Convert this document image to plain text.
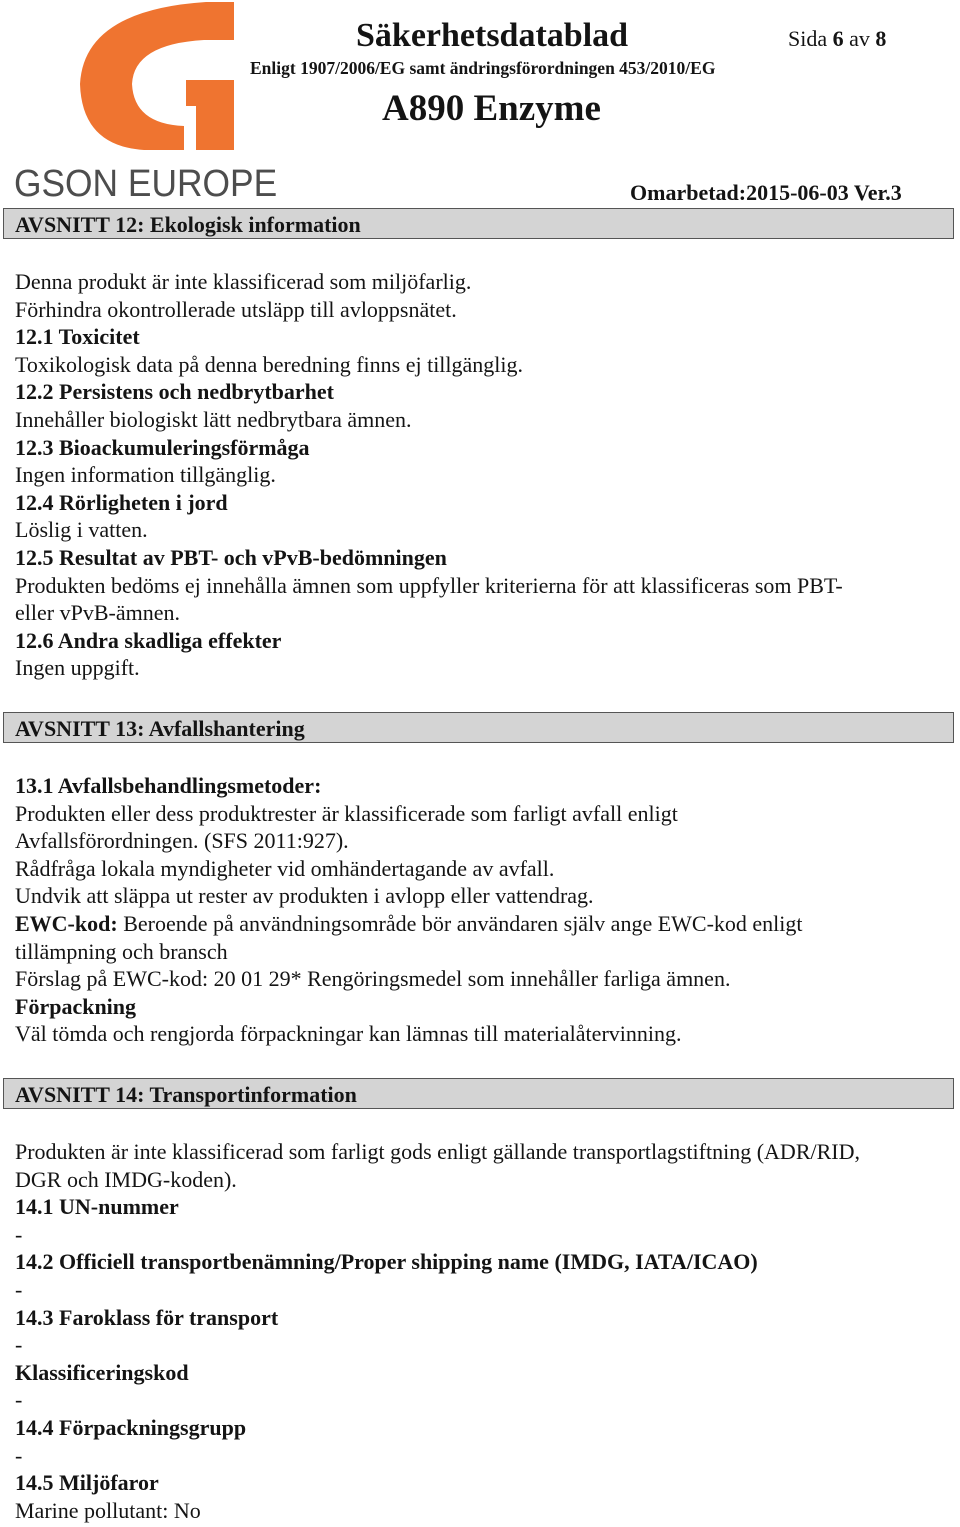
GSON EUROPE
Säkerhetsdatablad	Sida 6 av 8
Enligt 1907/2006/EG samt ändringsförordningen 453/2010/EG
A890 Enzyme
Omarbetad:2015-06-03 Ver.3
AVSNITT 12: Ekologisk information
Denna produkt är inte klassificerad som miljöfarlig.
Förhindra okontrollerade utsläpp till avloppsnätet.
12.1 Toxicitet
Toxikologisk data på denna beredning finns ej tillgänglig.
12.2 Persistens och nedbrytbarhet
Innehåller biologiskt lätt nedbrytbara ämnen.
12.3 Bioackumuleringsförmåga
Ingen information tillgänglig.
12.4 Rörligheten i jord
Löslig i vatten.
12.5 Resultat av PBT- och vPvB-bedömningen
Produkten bedöms ej innehålla ämnen som uppfyller kriterierna för att klassificeras som PBT-
eller vPvB-ämnen.
12.6 Andra skadliga effekter
Ingen uppgift.
AVSNITT 13: Avfallshantering
13.1 Avfallsbehandlingsmetoder:
Produkten eller dess produktrester är klassificerade som farligt avfall enligt
Avfallsförordningen. (SFS 2011:927).
Rådfråga lokala myndigheter vid omhändertagande av avfall.
Undvik att släppa ut rester av produkten i avlopp eller vattendrag.
EWC-kod: Beroende på användningsområde bör användaren själv ange EWC-kod enligt
tillämpning och bransch
Förslag på EWC-kod: 20 01 29* Rengöringsmedel som innehåller farliga ämnen.
Förpackning
Väl tömda och rengjorda förpackningar kan lämnas till materialåtervinning.
AVSNITT 14: Transportinformation
Produkten är inte klassificerad som farligt gods enligt gällande transportlagstiftning (ADR/RID,
DGR och IMDG-koden).
14.1 UN-nummer
-
14.2 Officiell transportbenämning/Proper shipping name (IMDG, IATA/ICAO)
-
14.3 Faroklass för transport
-
Klassificeringskod
-
14.4 Förpackningsgrupp
-
14.5 Miljöfaror
Marine pollutant: No
